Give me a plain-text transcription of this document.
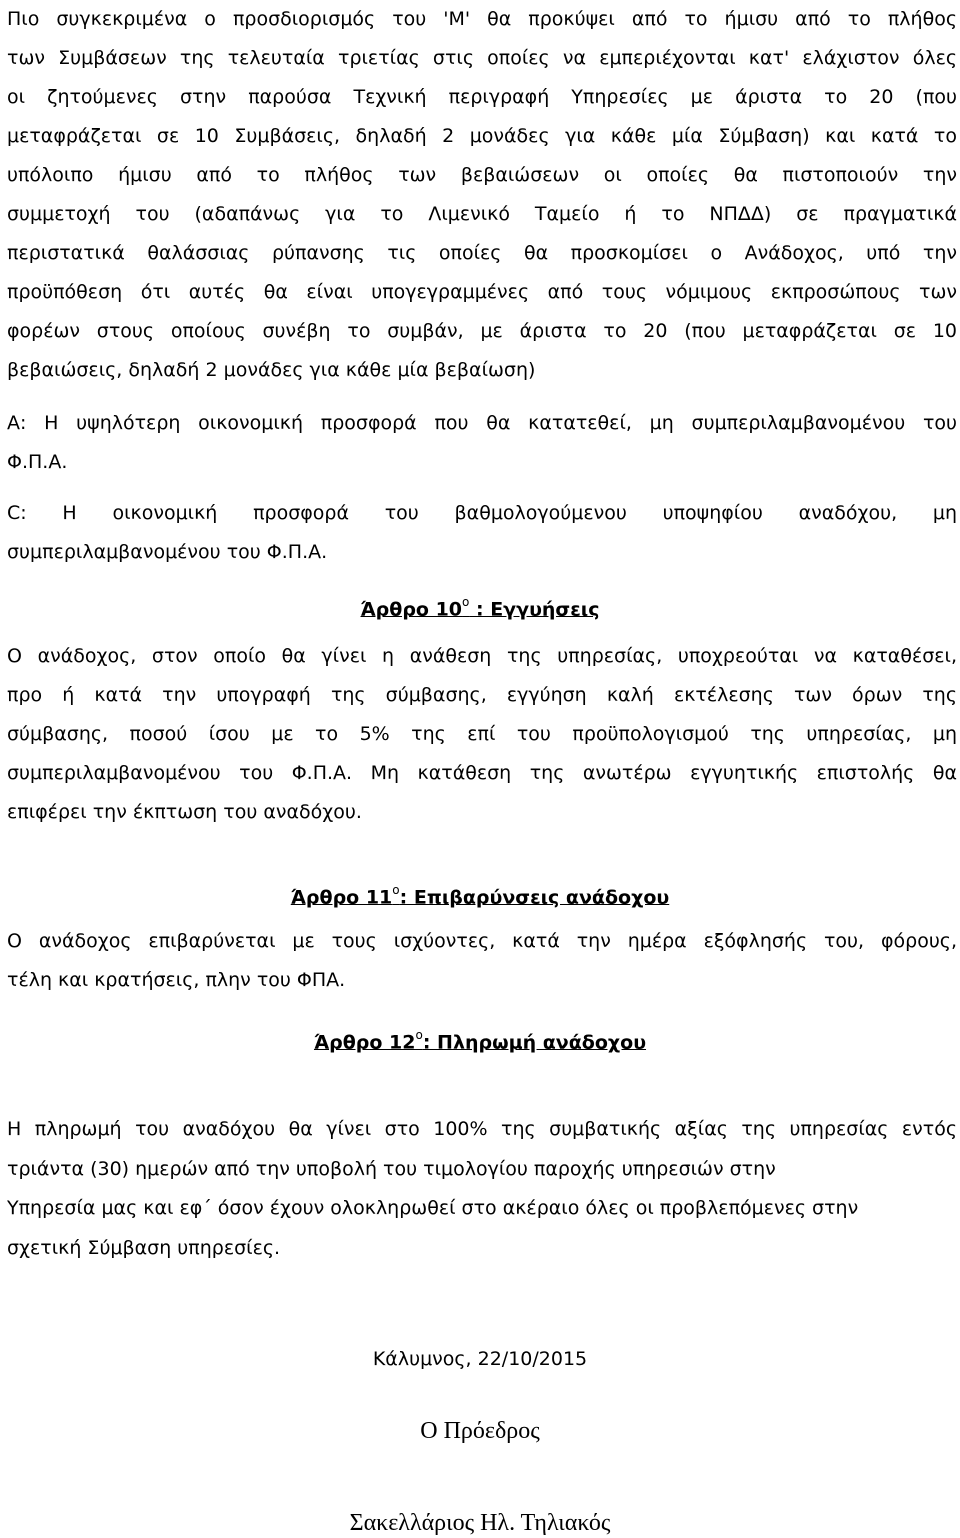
Πιο συγκεκριμένα ο προσδιορισμός του 'M' θα προκύψει από το ήμισυ από το πλήθος
των Συμβάσεων της τελευταία τριετίας στις οποίες να εμπεριέχονται κατ' ελάχιστον όλες
οι ζητούμενες στην παρούσα Τεχνική περιγραφή Υπηρεσίες με άριστα το 20 (που
μεταφράζεται σε 10 Συμβάσεις, δηλαδή 2 μονάδες για κάθε μία Σύμβαση) και κατά το
υπόλοιπο ήμισυ από το πλήθος των βεβαιώσεων οι οποίες θα πιστοποιούν την
συμμετοχή του (αδαπάνως για το Λιμενικό Ταμείο ή το ΝΠΔΔ) σε πραγματικά
περιστατικά θαλάσσιας ρύπανσης τις οποίες θα προσκομίσει ο Ανάδοχος, υπό την
προϋπόθεση ότι αυτές θα είναι υπογεγραμμένες από τους νόμιμους εκπροσώπους των
φορέων στους οποίους συνέβη το συμβάν, με άριστα το 20 (που μεταφράζεται σε 10
βεβαιώσεις, δηλαδή 2 μονάδες για κάθε μία βεβαίωση)
Α: Η υψηλότερη οικονομική προσφορά που θα κατατεθεί, μη συμπεριλαμβανομένου του
Φ.Π.Α.
C: Η οικονομική προσφορά του βαθμολογούμενου υποψηφίου αναδόχου, μη
συμπεριλαμβανομένου του Φ.Π.Α.
Άρθρο $10^o$ : Εγγυήσεις
Ο ανάδοχος, στον οποίο θα γίνει η ανάθεση της υπηρεσίας, υποχρεούται να καταθέσει,
προ ή κατά την υπογραφή της σύμβασης, εγγύηση καλή εκτέλεσης των όρων της
σύμβασης, ποσού ίσου με το 5% της επί του προϋπολογισμού της υπηρεσίας, μη
συμπεριλαμβανομένου του Φ.Π.Α. Μη κατάθεση της ανωτέρω εγγυητικής επιστολής θα
επιφέρει την έκπτωση του αναδόχου.
Άρθρο $11^o$: Επιβαρύνσεις ανάδοχου
Ο ανάδοχος επιβαρύνεται με τους ισχύοντες, κατά την ημέρα εξόφλησής του, φόρους,
τέλη και κρατήσεις, πλην του ΦΠΑ.
Άρθρο $12^o$: Πληρωμή ανάδοχου
Η πληρωμή του αναδόχου θα γίνει στο 100% της συμβατικής αξίας της υπηρεσίας εντός
τριάντα (30) ημερών από την υποβολή του τιμολογίου παροχής υπηρεσιών στην
Υπηρεσία μας και εφ΄ όσον έχουν ολοκληρωθεί στο ακέραιο όλες οι προβλεπόμενες στην
σχετική Σύμβαση υπηρεσίες.
Κάλυμνος, 22/10/2015
Ο Πρόεδρος
Σακελλάριος Ηλ. Τηλιακός
